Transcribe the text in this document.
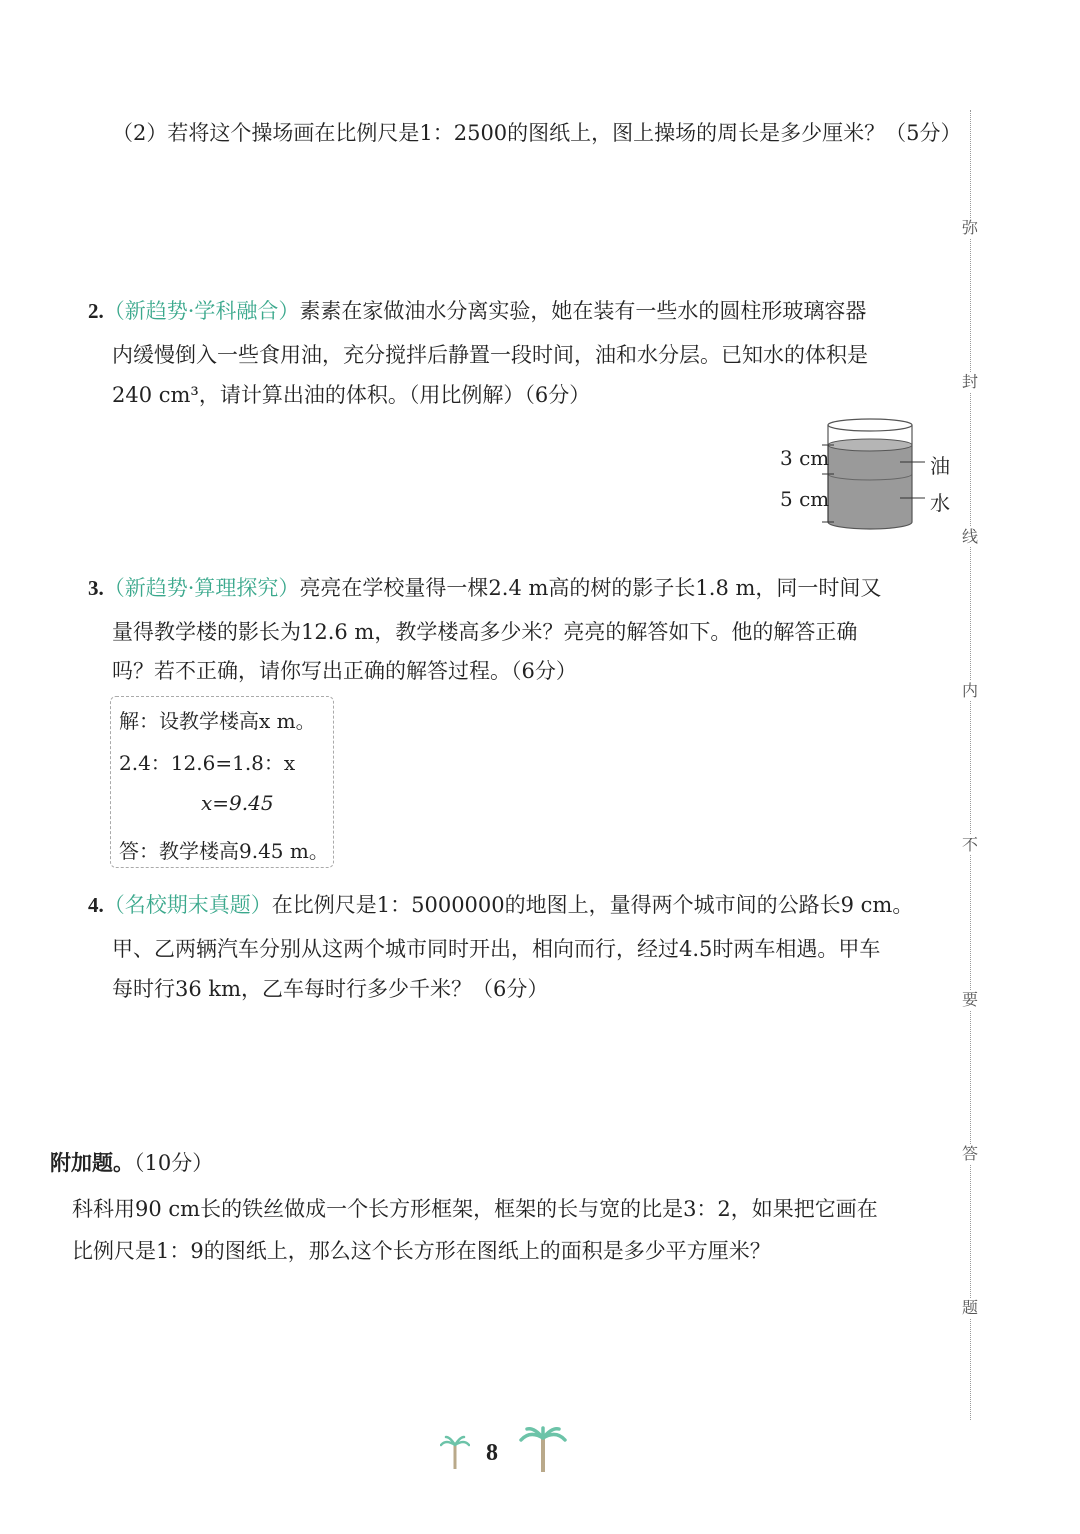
（2）若将这个操场画在比例尺是1：2500的图纸上，图上操场的周长是多少厘米？（5分）
2.（新趋势·学科融合）素素在家做油水分离实验，她在装有一些水的圆柱形玻璃容器
内缓慢倒入一些食用油，充分搅拌后静置一段时间，油和水分层。已知水的体积是
240 cm³，请计算出油的体积。（用比例解）（6分）
3 cm
5 cm
油
水
3.（新趋势·算理探究）亮亮在学校量得一棵2.4 m高的树的影子长1.8 m，同一时间又
量得教学楼的影长为12.6 m，教学楼高多少米？亮亮的解答如下。他的解答正确
吗？若不正确，请你写出正确的解答过程。（6分）
解：设教学楼高x m。
2.4：12.6=1.8：x
x=9.45
答：教学楼高9.45 m。
4.（名校期末真题）在比例尺是1：5000000的地图上，量得两个城市间的公路长9 cm。
甲、乙两辆汽车分别从这两个城市同时开出，相向而行，经过4.5时两车相遇。甲车
每时行36 km，乙车每时行多少千米？（6分）
附加题。（10分）
科科用90 cm长的铁丝做成一个长方形框架，框架的长与宽的比是3：2，如果把它画在
比例尺是1：9的图纸上，那么这个长方形在图纸上的面积是多少平方厘米？
弥
封
线
内
不
要
答
题
8
